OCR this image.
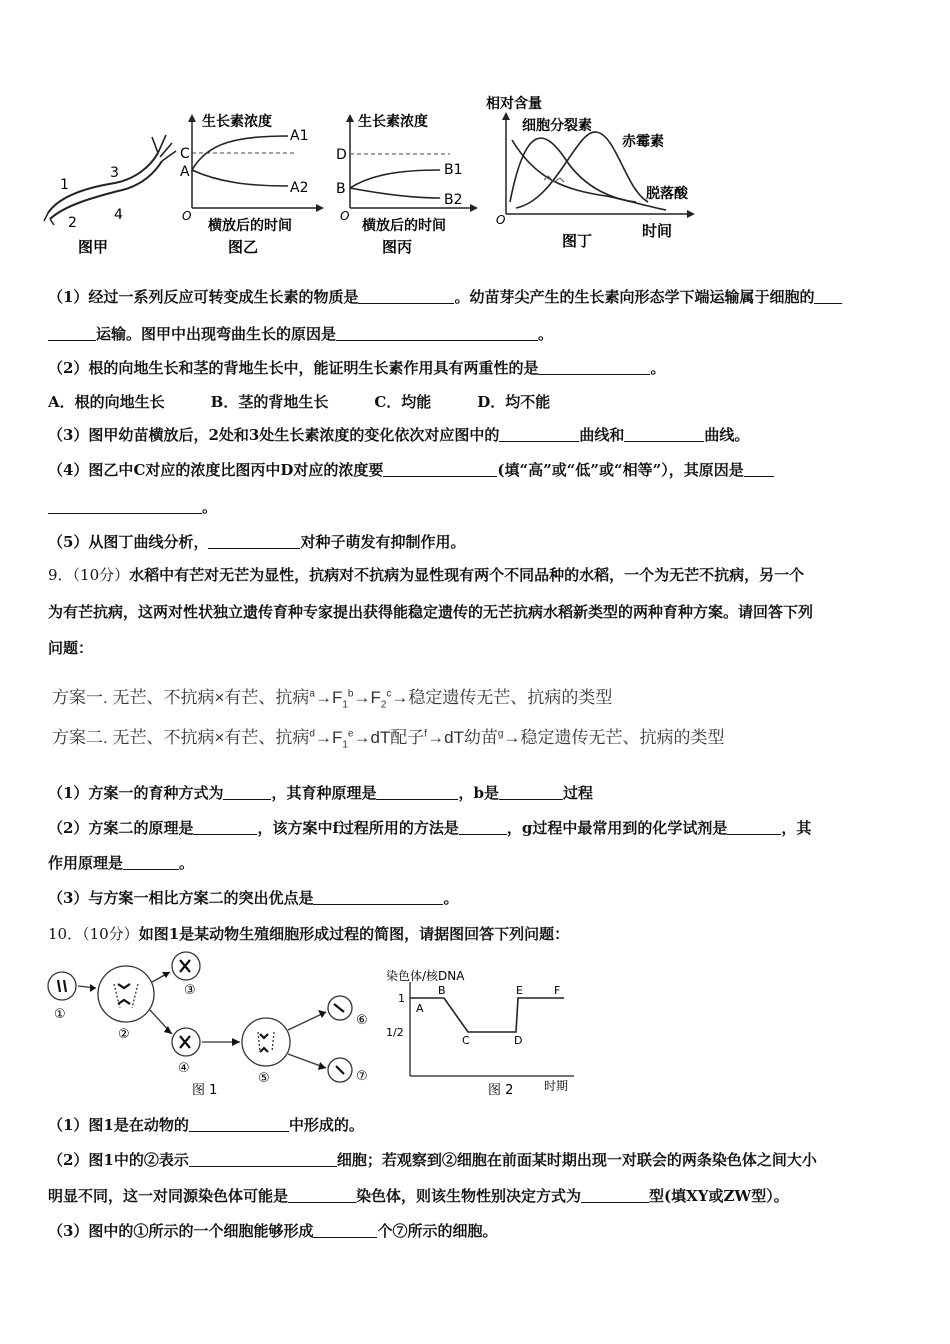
1
2
3
4
图甲
生长素浓度
A1
A2
C
A
O
横放后的时间
图乙
生长素浓度
B1
B2
D
B
O
横放后的时间
图丙
相对含量
细胞分裂素
赤霉素
脱落酸
O
时间
图丁
（1）经过一系列反应可转变成生长素的物质是	。幼苗芽尖产生的生长素向形态学下端运输属于细胞的
运输。图甲中出现弯曲生长的原因是	。
（2）根的向地生长和茎的背地生长中，能证明生长素作用具有两重性的是	。
A．根的向地生长	B．茎的背地生长	C．均能	D．均不能
（3）图甲幼苗横放后，2处和3处生长素浓度的变化依次对应图中的	曲线和	曲线。
（4）图乙中C对应的浓度比图丙中D对应的浓度要	(填“高”或“低”或“相等”），其原因是
。
（5）从图丁曲线分析，	对种子萌发有抑制作用。
9．（10分）水稻中有芒对无芒为显性，抗病对不抗病为显性现有两个不同品种的水稻，一个为无芒不抗病，另一个
为有芒抗病，这两对性状独立遗传育种专家提出获得能稳定遗传的无芒抗病水稻新类型的两种育种方案。请回答下列
问题：
方案一. 无芒、不抗病×有芒、抗病$^a\to F_1^b\to F_2^c\to$稳定遗传无芒、抗病的类型
方案二. 无芒、不抗病×有芒、抗病$^d\to F_1^e\to dT$配子$^f$→dT幼苗$^g$→稳定遗传无芒、抗病的类型
（1）方案一的育种方式为	，其育种原理是	，b是	过程
（2）方案二的原理是	，该方案中f过程所用的方法是	，g过程中最常用到的化学试剂是	，其
作用原理是	。
（3）与方案一相比方案二的突出优点是	。
10．（10分）如图1是某动物生殖细胞形成过程的简图，请据图回答下列问题：
①
②
③
④
⑤
⑥
⑦
图 1
染色体/核DNA
1
1/2
A
B
C	D
E	F
时期
图 2
（1）图1是在动物的	中形成的。
（2）图1中的②表示	细胞；若观察到②细胞在前面某时期出现一对联会的两条染色体之间大小
明显不同，这一对同源染色体可能是	染色体，则该生物性别决定方式为	型(填XY或ZW型）。
（3）图中的①所示的一个细胞能够形成	个⑦所示的细胞。
